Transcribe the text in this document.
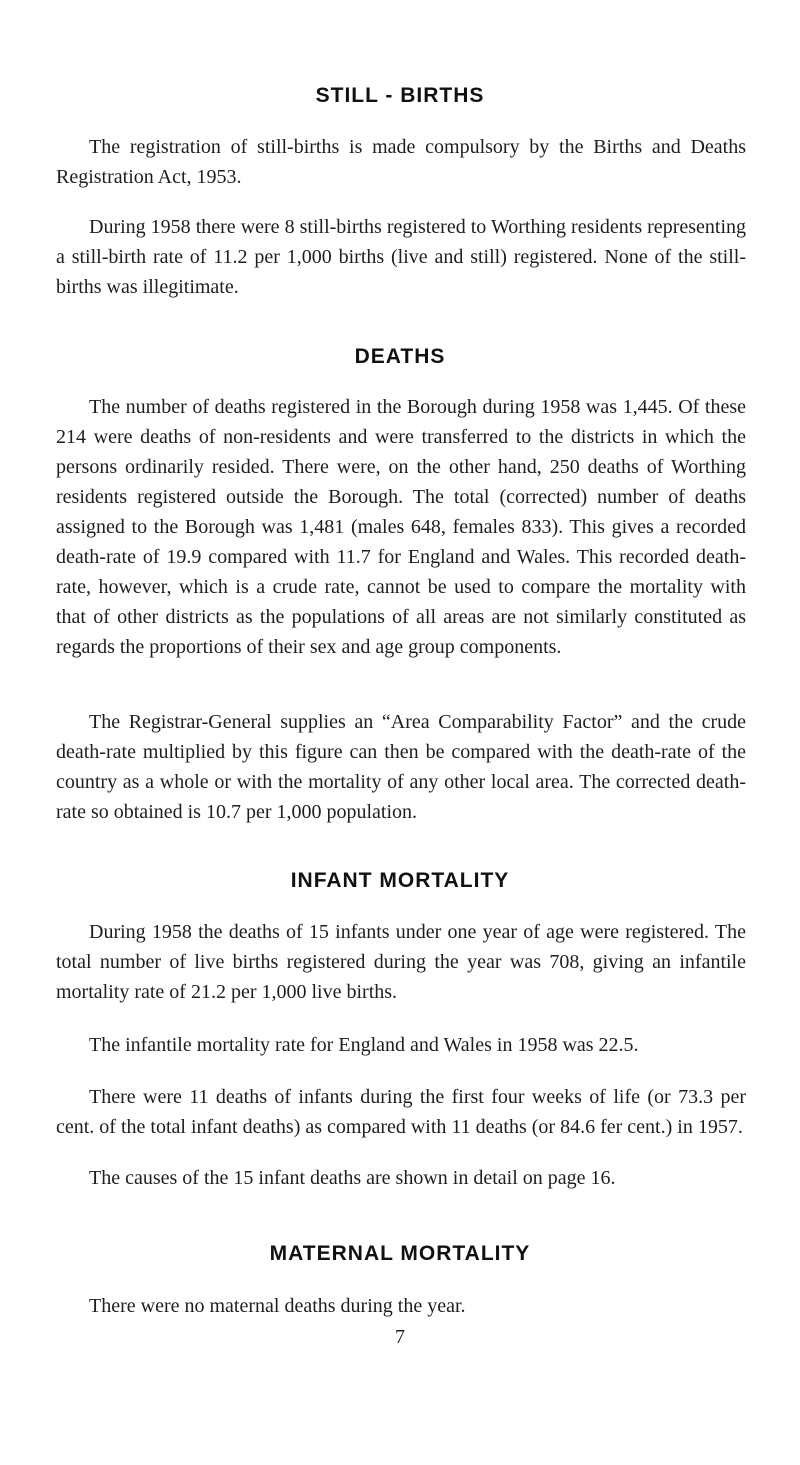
STILL - BIRTHS

The registration of still-births is made compulsory by the Births and Deaths Registration Act, 1953.

During 1958 there were 8 still-births registered to Worthing residents representing a still-birth rate of 11.2 per 1,000 births (live and still) registered. None of the still-births was illegitimate.

DEATHS

The number of deaths registered in the Borough during 1958 was 1,445. Of these 214 were deaths of non-residents and were transferred to the districts in which the persons ordinarily resided. There were, on the other hand, 250 deaths of Worthing residents registered outside the Borough. The total (corrected) number of deaths assigned to the Borough was 1,481 (males 648, females 833). This gives a recorded death-rate of 19.9 compared with 11.7 for England and Wales. This recorded death-rate, however, which is a crude rate, cannot be used to compare the mortality with that of other districts as the populations of all areas are not similarly constituted as regards the proportions of their sex and age group components.

The Registrar-General supplies an “Area Comparability Factor” and the crude death-rate multiplied by this figure can then be compared with the death-rate of the country as a whole or with the mortality of any other local area. The corrected death-rate so obtained is 10.7 per 1,000 population.

INFANT MORTALITY

During 1958 the deaths of 15 infants under one year of age were registered. The total number of live births registered during the year was 708, giving an infantile mortality rate of 21.2 per 1,000 live births.

The infantile mortality rate for England and Wales in 1958 was 22.5.

There were 11 deaths of infants during the first four weeks of life (or 73.3 per cent. of the total infant deaths) as compared with 11 deaths (or 84.6 fer cent.) in 1957.

The causes of the 15 infant deaths are shown in detail on page 16.

MATERNAL MORTALITY

There were no maternal deaths during the year.

7
